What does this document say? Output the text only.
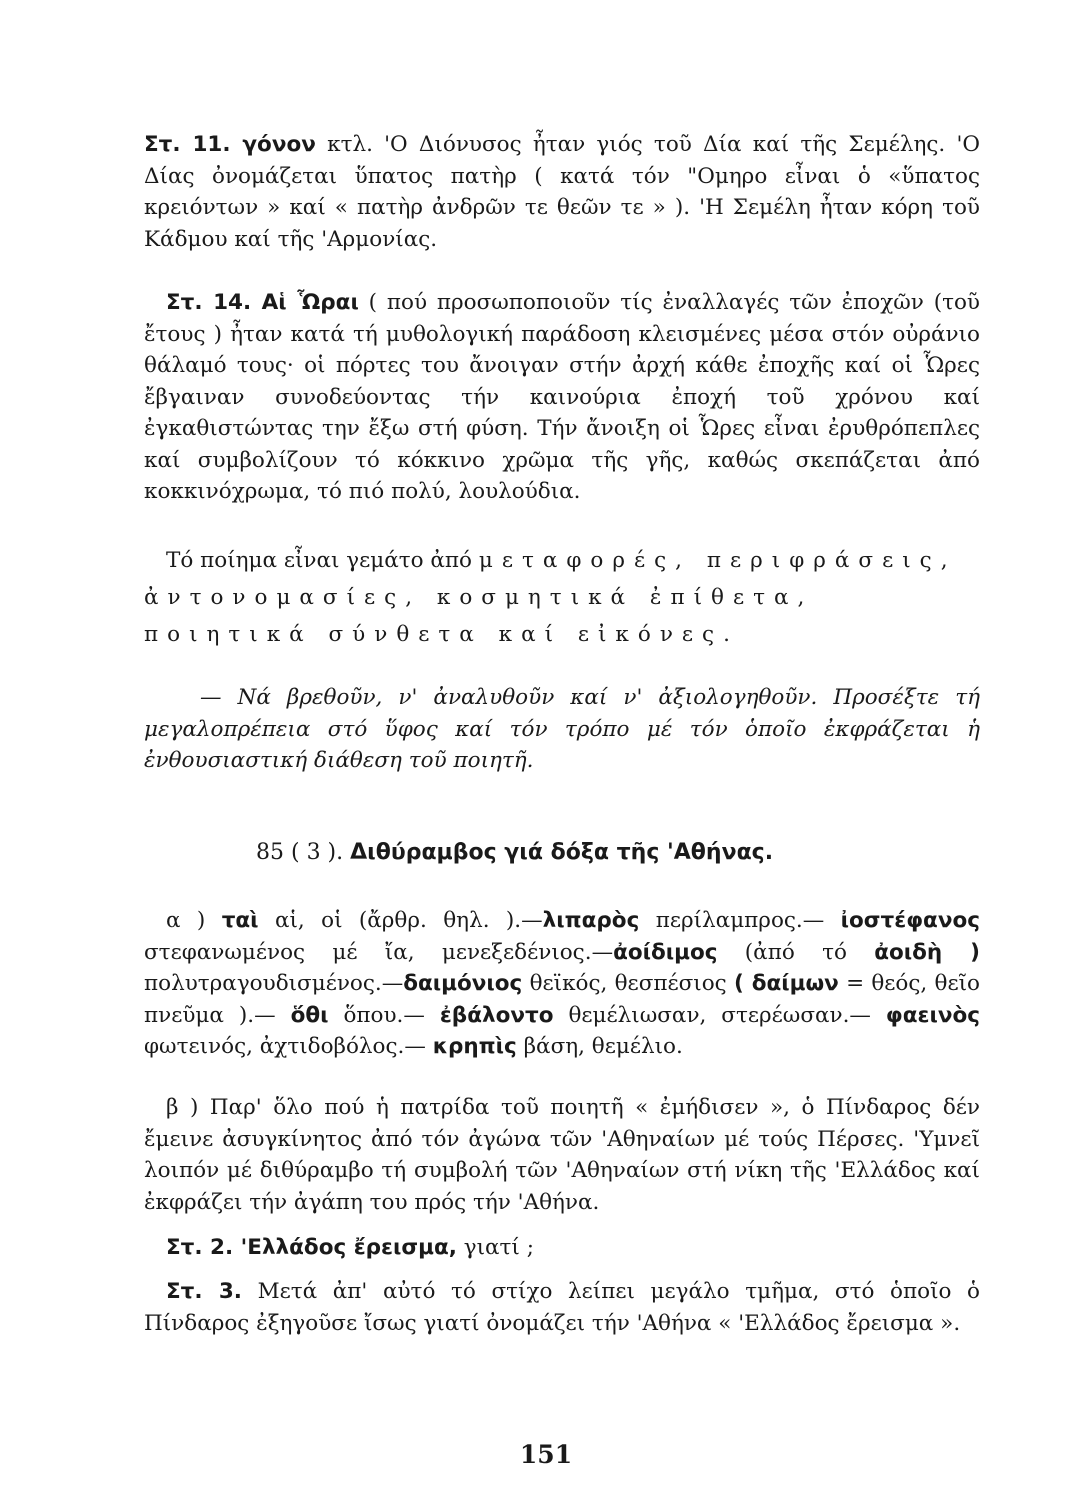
Στ. 11. γόνον κτλ. 'Ο Διόνυσος ἦταν γιός τοῦ Δία καί τῆς Σεμέλης. 'Ο Δίας ὀνομάζεται ὕπατος πατὴρ ( κατά τόν "Ομηρο εἶναι ὁ «ὕπατος κρειόντων » καί « πατὴρ ἀνδρῶν τε θεῶν τε » ). 'Η Σεμέλη ἦταν κόρη τοῦ Κάδμου καί τῆς 'Αρμονίας.

Στ. 14. Αἱ Ὧραι ( πού προσωποποιοῦν τίς ἐναλλαγές τῶν ἐποχῶν (τοῦ ἔτους ) ἦταν κατά τή μυθολογική παράδοση κλεισμένες μέσα στόν οὐράνιο θάλαμό τους· οἱ πόρτες του ἄνοιγαν στήν ἀρχή κάθε ἐποχῆς καί οἱ Ὧρες ἔβγαιναν συνοδεύοντας τήν καινούρια ἐποχή τοῦ χρόνου καί ἐγκαθιστώντας την ἔξω στή φύση. Τήν ἄνοιξη οἱ Ὧρες εἶναι ἐρυθρόπεπλες καί συμβολίζουν τό κόκκινο χρῶμα τῆς γῆς, καθώς σκεπάζεται ἀπό κοκκινόχρωμα, τό πιό πολύ, λουλούδια.

Τό ποίημα εἶναι γεμάτο ἀπό μεταφορές, περιφράσεις, ἀντονομασίες, κοσμητικά ἐπίθετα, ποιητικά σύνθετα καί εἰκόνες.

— Νά βρεθοῦν, ν' ἀναλυθοῦν καί ν' ἀξιολογηθοῦν. Προσέξτε τή μεγαλοπρέπεια στό ὕφος καί τόν τρόπο μέ τόν ὁποῖο ἐκφράζεται ἡ ἐνθουσιαστική διάθεση τοῦ ποιητῆ.

85 ( 3 ). Διθύραμβος γιά δόξα τῆς 'Αθήνας.

α ) ταὶ αἱ, οἱ (ἄρθρ. θηλ. ).—λιπαρὸς περίλαμπρος.— ἰοστέφανος στεφανωμένος μέ ἴα, μενεξεδένιος.—ἀοίδιμος (ἀπό τό ἀοιδὴ ) πολυτραγουδισμένος.—δαιμόνιος θεϊκός, θεσπέσιος ( δαίμων = θεός, θεῖο πνεῦμα ).— ὅθι ὅπου.— ἐβάλοντο θεμέλιωσαν, στερέωσαν.— φαεινὸς φωτεινός, ἀχτιδοβόλος.— κρηπὶς βάση, θεμέλιο.

β ) Παρ' ὅλο πού ἡ πατρίδα τοῦ ποιητῆ « ἐμήδισεν », ὁ Πίνδαρος δέν ἔμεινε ἀσυγκίνητος ἀπό τόν ἀγώνα τῶν 'Αθηναίων μέ τούς Πέρσες. 'Υμνεῖ λοιπόν μέ διθύραμβο τή συμβολή τῶν 'Αθηναίων στή νίκη τῆς 'Ελλάδος καί ἐκφράζει τήν ἀγάπη του πρός τήν 'Αθήνα.

Στ. 2. 'Ελλάδος ἔρεισμα, γιατί ;

Στ. 3. Μετά ἀπ' αὐτό τό στίχο λείπει μεγάλο τμῆμα, στό ὁποῖο ὁ Πίνδαρος ἐξηγοῦσε ἴσως γιατί ὀνομάζει τήν 'Αθήνα « 'Ελλάδος ἔρεισμα ».

151
